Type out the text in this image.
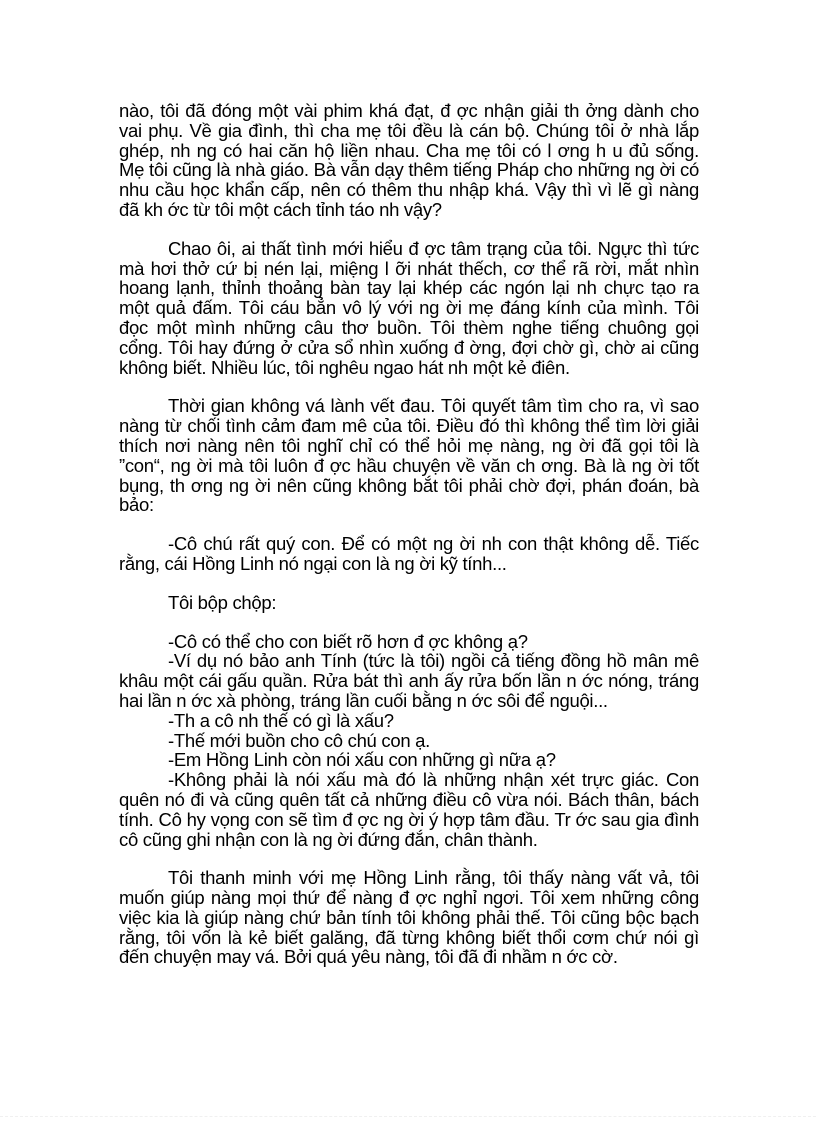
nào, tôi đã đóng một vài phim khá đạt, đ ợc nhận giải th ởng dành cho vai phụ. Về gia đình, thì cha mẹ tôi đều là cán bộ. Chúng tôi ở nhà lắp ghép, nh ng có hai căn hộ liền nhau. Cha mẹ tôi có l ơng h u đủ sống. Mẹ tôi cũng là nhà giáo. Bà vẫn dạy thêm tiếng Pháp cho những ng ời có nhu cầu học khẩn cấp, nên có thêm thu nhập khá. Vậy thì vì lẽ gì nàng đã kh ớc từ tôi một cách tỉnh táo nh vậy?

Chao ôi, ai thất tình mới hiểu đ ợc tâm trạng của tôi. Ngực thì tức mà hơi thở cứ bị nén lại, miệng l ỡi nhát thếch, cơ thể rã rời, mắt nhìn hoang lạnh, thỉnh thoảng bàn tay lại khép các ngón lại nh chực tạo ra một quả đấm. Tôi cáu bẳn vô lý với ng ời mẹ đáng kính của mình. Tôi đọc một mình những câu thơ buồn. Tôi thèm nghe tiếng chuông gọi cổng. Tôi hay đứng ở cửa sổ nhìn xuống đ ờng, đợi chờ gì, chờ ai cũng không biết. Nhiều lúc, tôi nghêu ngao hát nh một kẻ điên.

Thời gian không vá lành vết đau. Tôi quyết tâm tìm cho ra, vì sao nàng từ chối tình cảm đam mê của tôi. Điều đó thì không thể tìm lời giải thích nơi nàng nên tôi nghĩ chỉ có thể hỏi mẹ nàng, ng ời đã gọi tôi là ”con“, ng ời mà tôi luôn đ ợc hầu chuyện về văn ch ơng. Bà là ng ời tốt bụng, th ơng ng ời nên cũng không bắt tôi phải chờ đợi, phán đoán, bà bảo:

-Cô chú rất quý con. Để có một ng ời nh con thật không dễ. Tiếc rằng, cái Hồng Linh nó ngại con là ng ời kỹ tính...

Tôi bộp chộp:

-Cô có thể cho con biết rõ hơn đ ợc không ạ?

-Ví dụ nó bảo anh Tính (tức là tôi) ngồi cả tiếng đồng hồ mân mê khâu một cái gấu quần. Rửa bát thì anh ấy rửa bốn lần n ớc nóng, tráng hai lần n ớc xà phòng, tráng lần cuối bằng n ớc sôi để nguội...

-Th a cô nh thế có gì là xấu?

-Thế mới buồn cho cô chú con ạ.

-Em Hồng Linh còn nói xấu con những gì nữa ạ?

-Không phải là nói xấu mà đó là những nhận xét trực giác. Con quên nó đi và cũng quên tất cả những điều cô vừa nói. Bách thân, bách tính. Cô hy vọng con sẽ tìm đ ợc ng ời ý hợp tâm đầu. Tr ớc sau gia đình cô cũng ghi nhận con là ng ời đứng đắn, chân thành.

Tôi thanh minh với mẹ Hồng Linh rằng, tôi thấy nàng vất vả, tôi muốn giúp nàng mọi thứ để nàng đ ợc nghỉ ngơi. Tôi xem những công việc kia là giúp nàng chứ bản tính tôi không phải thế. Tôi cũng bộc bạch rằng, tôi vốn là kẻ biết galăng, đã từng không biết thổi cơm chứ nói gì đến chuyện may vá. Bởi quá yêu nàng, tôi đã đi nhầm n ớc cờ.
